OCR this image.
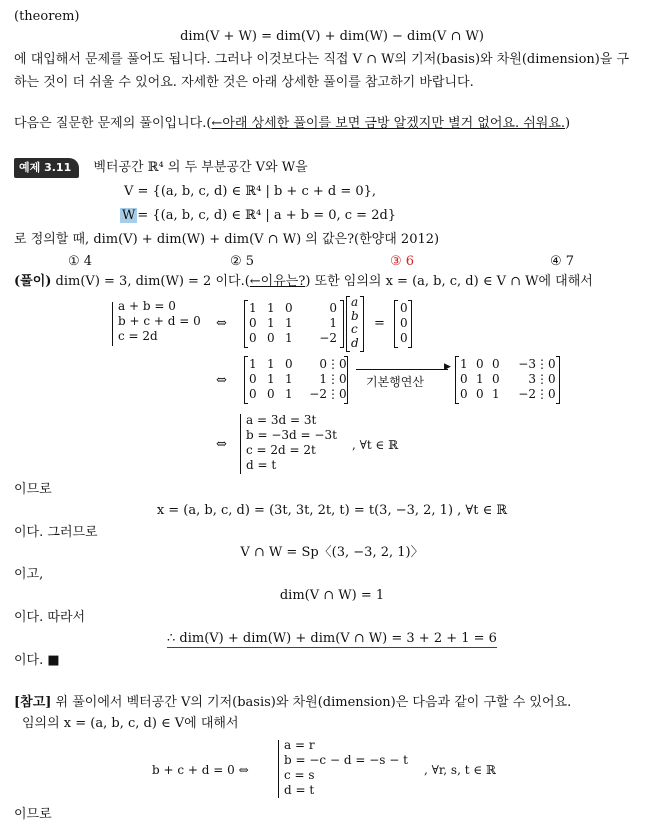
(theorem)
dim(V + W) = dim(V) + dim(W) − dim(V ∩ W)
에 대입해서 문제를 풀어도 됩니다. 그러나 이것보다는 직접 V ∩ W의 기저(basis)와 차원(dimension)을 구
하는 것이 더 쉬울 수 있어요. 자세한 것은 아래 상세한 풀이를 참고하기 바랍니다.
다음은 질문한 문제의 풀이입니다.(←아래 상세한 풀이를 보면 금방 알겠지만 별거 없어요. 쉬워요.)
예제 3.11 벡터공간 ℝ⁴ 의 두 부분공간 V와 W을
V = {(a, b, c, d) ∈ ℝ⁴ | b + c + d = 0},
W = {(a, b, c, d) ∈ ℝ⁴ | a + b = 0, c = 2d}
로 정의할 때, dim(V) + dim(W) + dim(V ∩ W) 의 값은?(한양대 2012)
① 4	② 5	③ 6	④ 7
(풀이) dim(V) = 3, dim(W) = 2 이다.(←이유는?) 또한 임의의 x = (a, b, c, d) ∈ V ∩ W에 대해서
a + b = 0
b + c + d = 0
c = 2d
⇔
1 1 0	0
0 1 1	1
0 0 1 −2
a
b
c
d
=
0
0
0
⇔
1 1 0 0⋮0
0 1 1 1⋮0
0 0 1 −2⋮0
▶
기본행연산
1 0 0 −3⋮0
0 1 0 3⋮0
0 0 1 −2⋮0
⇔
a = 3d = 3t
b = −3d = −3t
c = 2d = 2t
d = t
, ∀t ∈ ℝ
이므로
x = (a, b, c, d) = (3t, 3t, 2t, t) = t(3, −3, 2, 1) , ∀t ∈ ℝ
이다. 그러므로
V ∩ W = Sp〈(3, −3, 2, 1)〉
이고,
dim(V ∩ W) = 1
이다. 따라서
∴ dim(V) + dim(W) + dim(V ∩ W) = 3 + 2 + 1 = 6
이다. ■
[참고] 위 풀이에서 벡터공간 V의 기저(basis)와 차원(dimension)은 다음과 같이 구할 수 있어요.
임의의 x = (a, b, c, d) ∈ V에 대해서
b + c + d = 0 ⇔
a = r
b = −c − d = −s − t
c = s
d = t
, ∀r, s, t ∈ ℝ
이므로
